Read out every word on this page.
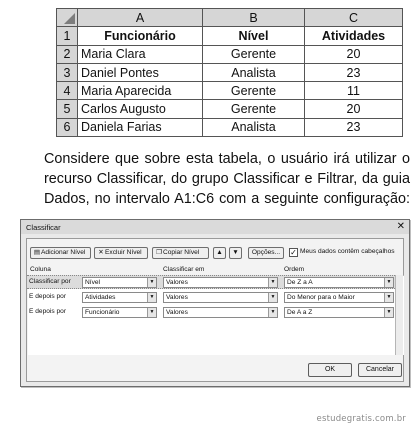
	A	B	C
1	Funcionário	Nível	Atividades
2	Maria Clara	Gerente	20
3	Daniel Pontes	Analista	23
4	Maria Aparecida	Gerente	11
5	Carlos Augusto	Gerente	20
6	Daniela Farias	Analista	23
Considere que sobre esta tabela, o usuário irá utilizar o
recurso Classificar, do grupo Classificar e Filtrar, da guia
Dados, no intervalo A1:C6 com a seguinte configuração:
Classificar	✕
▤Adicionar Nível	✕Excluir Nível	❐Copiar Nível	▲	▼	Opções...	✓ Meus dados contêm cabeçalhos
Coluna	Classificar em	Ordem
Classificar por	Nível	▼	Valores	▼	De Z a A	▼
E depois por	Atividades	▼	Valores	▼	Do Menor para o Maior	▼
E depois por	Funcionário	▼	Valores	▼	De A a Z	▼
OK	Cancelar
estudegratis.com.br
